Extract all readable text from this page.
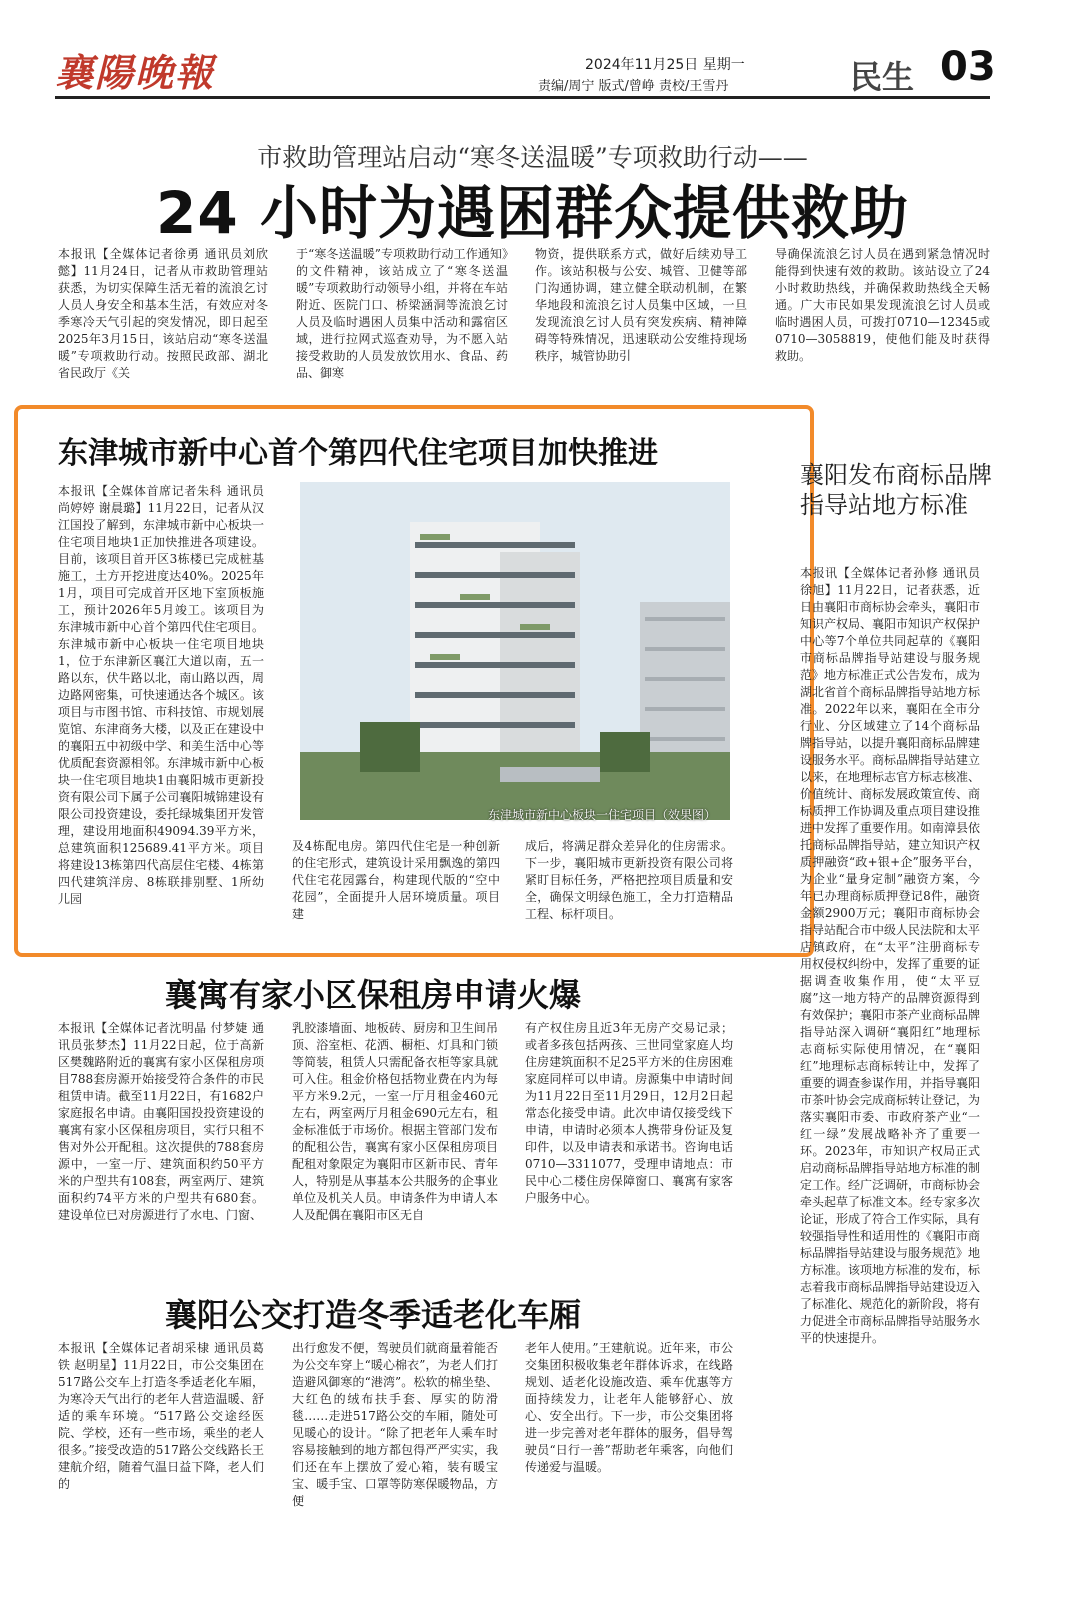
襄陽晚報	2024年11月25日 星期一
责编/周宁 版式/曾峥 责校/王雪丹	民生 03
市救助管理站启动“寒冬送温暖”专项救助行动——
24 小时为遇困群众提供救助
本报讯【全媒体记者徐勇 通讯员刘欣懿】11月24日，记者从市救助管理站获悉，为切实保障生活无着的流浪乞讨人员人身安全和基本生活，有效应对冬季寒冷天气引起的突发情况，即日起至2025年3月15日，该站启动“寒冬送温暖”专项救助行动。按照民政部、湖北省民政厅《关
于“寒冬送温暖”专项救助行动工作通知》的文件精神，该站成立了“寒冬送温暖”专项救助行动领导小组，并将在车站附近、医院门口、桥梁涵洞等流浪乞讨人员及临时遇困人员集中活动和露宿区域，进行拉网式巡查劝导，为不愿入站接受救助的人员发放饮用水、食品、药品、御寒
物资，提供联系方式，做好后续劝导工作。该站积极与公安、城管、卫健等部门沟通协调，建立健全联动机制，在繁华地段和流浪乞讨人员集中区域，一旦发现流浪乞讨人员有突发疾病、精神障碍等特殊情况，迅速联动公安维持现场秩序，城管协助引
导确保流浪乞讨人员在遇到紧急情况时能得到快速有效的救助。该站设立了24小时救助热线，并确保救助热线全天畅通。广大市民如果发现流浪乞讨人员或临时遇困人员，可拨打0710—12345或0710—3058819，使他们能及时获得救助。
东津城市新中心首个第四代住宅项目加快推进
东津城市新中心板块一住宅项目（效果图）
本报讯【全媒体首席记者朱科 通讯员尚婷婷 谢晨璐】11月22日，记者从汉江国投了解到，东津城市新中心板块一住宅项目地块1正加快推进各项建设。目前，该项目首开区3栋楼已完成桩基施工，土方开挖进度达40%。2025年1月，项目可完成首开区地下室顶板施工，预计2026年5月竣工。该项目为东津城市新中心首个第四代住宅项目。东津城市新中心板块一住宅项目地块1，位于东津新区襄江大道以南，五一路以东，伏牛路以北，南山路以西，周边路网密集，可快速通达各个城区。该项目与市图书馆、市科技馆、市规划展览馆、东津商务大楼，以及正在建设中的襄阳五中初级中学、和美生活中心等优质配套资源相邻。东津城市新中心板块一住宅项目地块1由襄阳城市更新投资有限公司下属子公司襄阳城锦建设有限公司投资建设，委托绿城集团开发管理，建设用地面积49094.39平方米，总建筑面积125689.41平方米。项目将建设13栋第四代高层住宅楼、4栋第四代建筑洋房、8栋联排别墅、1所幼儿园
及4栋配电房。第四代住宅是一种创新的住宅形式，建筑设计采用飘逸的第四代住宅花园露台，构建现代版的“空中花园”，全面提升人居环境质量。项目建
成后，将满足群众差异化的住房需求。下一步，襄阳城市更新投资有限公司将紧盯目标任务，严格把控项目质量和安全，确保文明绿色施工，全力打造精品工程、标杆项目。
襄阳发布商标品牌指导站地方标准
本报讯【全媒体记者孙修 通讯员徐旭】11月22日，记者获悉，近日由襄阳市商标协会牵头，襄阳市知识产权局、襄阳市知识产权保护中心等7个单位共同起草的《襄阳市商标品牌指导站建设与服务规范》地方标准正式公告发布，成为湖北省首个商标品牌指导站地方标准。2022年以来，襄阳在全市分行业、分区域建立了14个商标品牌指导站，以提升襄阳商标品牌建设服务水平。商标品牌指导站建立以来，在地理标志官方标志核准、价值统计、商标发展政策宣传、商标质押工作协调及重点项目建设推进中发挥了重要作用。如南漳县依托商标品牌指导站，建立知识产权质押融资“政+银+企”服务平台，为企业“量身定制”融资方案，今年已办理商标质押登记8件，融资金额2900万元；襄阳市商标协会指导站配合市中级人民法院和太平店镇政府，在“太平”注册商标专用权侵权纠纷中，发挥了重要的证据调查收集作用，使“太平豆腐”这一地方特产的品牌资源得到有效保护；襄阳市茶产业商标品牌指导站深入调研“襄阳红”地理标志商标实际使用情况，在“襄阳红”地理标志商标转让中，发挥了重要的调查参谋作用，并指导襄阳市茶叶协会完成商标转让登记，为落实襄阳市委、市政府茶产业“一红一绿”发展战略补齐了重要一环。2023年，市知识产权局正式启动商标品牌指导站地方标准的制定工作。经广泛调研，市商标协会牵头起草了标准文本。经专家多次论证，形成了符合工作实际，具有较强指导性和适用性的《襄阳市商标品牌指导站建设与服务规范》地方标准。该项地方标准的发布，标志着我市商标品牌指导站建设迈入了标准化、规范化的新阶段，将有力促进全市商标品牌指导站服务水平的快速提升。
襄寓有家小区保租房申请火爆
本报讯【全媒体记者沈明晶 付梦婕 通讯员张梦杰】11月22日起，位于高新区樊魏路附近的襄寓有家小区保租房项目788套房源开始接受符合条件的市民租赁申请。截至11月22日，有1682户家庭报名申请。由襄阳国投投资建设的襄寓有家小区保租房项目，实行只租不售对外公开配租。这次提供的788套房源中，一室一厅、建筑面积约50平方米的户型共有108套，两室两厅、建筑面积约74平方米的户型共有680套。建设单位已对房源进行了水电、门窗、
乳胶漆墙面、地板砖、厨房和卫生间吊顶、浴室柜、花洒、橱柜、灯具和门锁等简装，租赁人只需配备衣柜等家具就可入住。租金价格包括物业费在内为每平方米9.2元，一室一厅月租金460元左右，两室两厅月租金690元左右，租金标准低于市场价。根据主管部门发布的配租公告，襄寓有家小区保租房项目配租对象限定为襄阳市区新市民、青年人，特别是从事基本公共服务的企事业单位及机关人员。申请条件为申请人本人及配偶在襄阳市区无自
有产权住房且近3年无房产交易记录；或者多孩包括两孩、三世同堂家庭人均住房建筑面积不足25平方米的住房困难家庭同样可以申请。房源集中申请时间为11月22日至11月29日，12月2日起常态化接受申请。此次申请仅接受线下申请，申请时必须本人携带身份证及复印件，以及申请表和承诺书。咨询电话0710—3311077，受理申请地点：市民中心二楼住房保障窗口、襄寓有家客户服务中心。
襄阳公交打造冬季适老化车厢
本报讯【全媒体记者胡采棣 通讯员葛铁 赵明星】11月22日，市公交集团在517路公交车上打造冬季适老化车厢，为寒冷天气出行的老年人营造温暖、舒适的乘车环境。“517路公交途经医院、学校，还有一些市场，乘坐的老人很多。”接受改造的517路公交线路长王建航介绍，随着气温日益下降，老人们的
出行愈发不便，驾驶员们就商量着能否为公交车穿上“暖心棉衣”，为老人们打造避风御寒的“港湾”。松软的棉坐垫、大红色的绒布扶手套、厚实的防滑毯……走进517路公交的车厢，随处可见暖心的设计。“除了把老年人乘车时容易接触到的地方都包得严严实实，我们还在车上摆放了爱心箱，装有暖宝宝、暖手宝、口罩等防寒保暖物品，方便
老年人使用。”王建航说。近年来，市公交集团积极收集老年群体诉求，在线路规划、适老化设施改造、乘车优惠等方面持续发力，让老年人能够舒心、放心、安全出行。下一步，市公交集团将进一步完善对老年群体的服务，倡导驾驶员“日行一善”帮助老年乘客，向他们传递爱与温暖。
